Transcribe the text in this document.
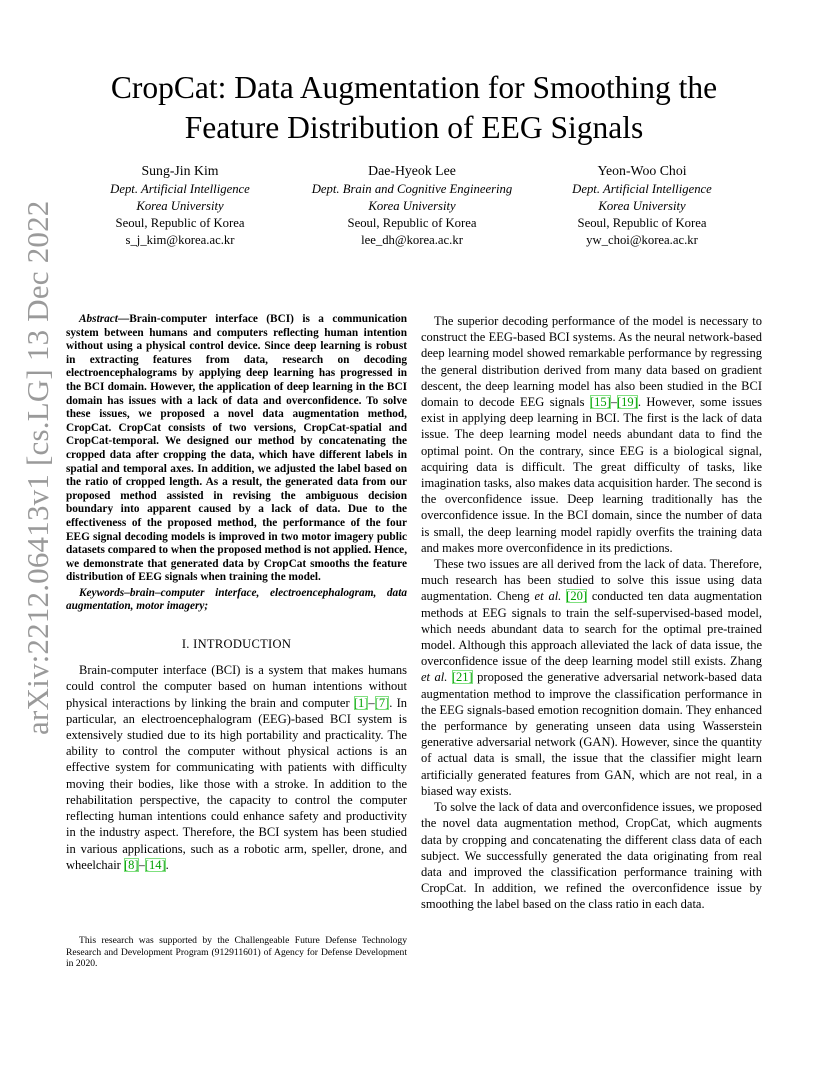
arXiv:2212.06413v1 [cs.LG] 13 Dec 2022
CropCat: Data Augmentation for Smoothing the
Feature Distribution of EEG Signals
Sung-Jin Kim
Dept. Artificial Intelligence
Korea University
Seoul, Republic of Korea
s_j_kim@korea.ac.kr
Dae-Hyeok Lee
Dept. Brain and Cognitive Engineering
Korea University
Seoul, Republic of Korea
lee_dh@korea.ac.kr
Yeon-Woo Choi
Dept. Artificial Intelligence
Korea University
Seoul, Republic of Korea
yw_choi@korea.ac.kr

Abstract—Brain-computer interface (BCI) is a communication system between humans and computers reflecting human intention without using a physical control device. Since deep learning is robust in extracting features from data, research on decoding electroencephalograms by applying deep learning has progressed in the BCI domain. However, the application of deep learning in the BCI domain has issues with a lack of data and overconfidence. To solve these issues, we proposed a novel data augmentation method, CropCat. CropCat consists of two versions, CropCat-spatial and CropCat-temporal. We designed our method by concatenating the cropped data after cropping the data, which have different labels in spatial and temporal axes. In addition, we adjusted the label based on the ratio of cropped length. As a result, the generated data from our proposed method assisted in revising the ambiguous decision boundary into apparent caused by a lack of data. Due to the effectiveness of the proposed method, the performance of the four EEG signal decoding models is improved in two motor imagery public datasets compared to when the proposed method is not applied. Hence, we demonstrate that generated data by CropCat smooths the feature distribution of EEG signals when training the model.

Keywords–brain–computer interface, electroencephalogram, data augmentation, motor imagery;

I. INTRODUCTION

Brain-computer interface (BCI) is a system that makes humans could control the computer based on human intentions without physical interactions by linking the brain and computer [1]–[7]. In particular, an electroencephalogram (EEG)-based BCI system is extensively studied due to its high portability and practicality. The ability to control the computer without physical actions is an effective system for communicating with patients with difficulty moving their bodies, like those with a stroke. In addition to the rehabilitation perspective, the capacity to control the computer reflecting human intentions could enhance safety and productivity in the industry aspect. Therefore, the BCI system has been studied in various applications, such as a robotic arm, speller, drone, and wheelchair [8]–[14].

This research was supported by the Challengeable Future Defense Technology Research and Development Program (912911601) of Agency for Defense Development in 2020.

The superior decoding performance of the model is necessary to construct the EEG-based BCI systems. As the neural network-based deep learning model showed remarkable performance by regressing the general distribution derived from many data based on gradient descent, the deep learning model has also been studied in the BCI domain to decode EEG signals [15]–[19]. However, some issues exist in applying deep learning in BCI. The first is the lack of data issue. The deep learning model needs abundant data to find the optimal point. On the contrary, since EEG is a biological signal, acquiring data is difficult. The great difficulty of tasks, like imagination tasks, also makes data acquisition harder. The second is the overconfidence issue. Deep learning traditionally has the overconfidence issue. In the BCI domain, since the number of data is small, the deep learning model rapidly overfits the training data and makes more overconfidence in its predictions.

These two issues are all derived from the lack of data. Therefore, much research has been studied to solve this issue using data augmentation. Cheng et al. [20] conducted ten data augmentation methods at EEG signals to train the self-supervised-based model, which needs abundant data to search for the optimal pre-trained model. Although this approach alleviated the lack of data issue, the overconfidence issue of the deep learning model still exists. Zhang et al. [21] proposed the generative adversarial network-based data augmentation method to improve the classification performance in the EEG signals-based emotion recognition domain. They enhanced the performance by generating unseen data using Wasserstein generative adversarial network (GAN). However, since the quantity of actual data is small, the issue that the classifier might learn artificially generated features from GAN, which are not real, in a biased way exists.

To solve the lack of data and overconfidence issues, we proposed the novel data augmentation method, CropCat, which augments data by cropping and concatenating the different class data of each subject. We successfully generated the data originating from real data and improved the classification performance training with CropCat. In addition, we refined the overconfidence issue by smoothing the label based on the class ratio in each data.
